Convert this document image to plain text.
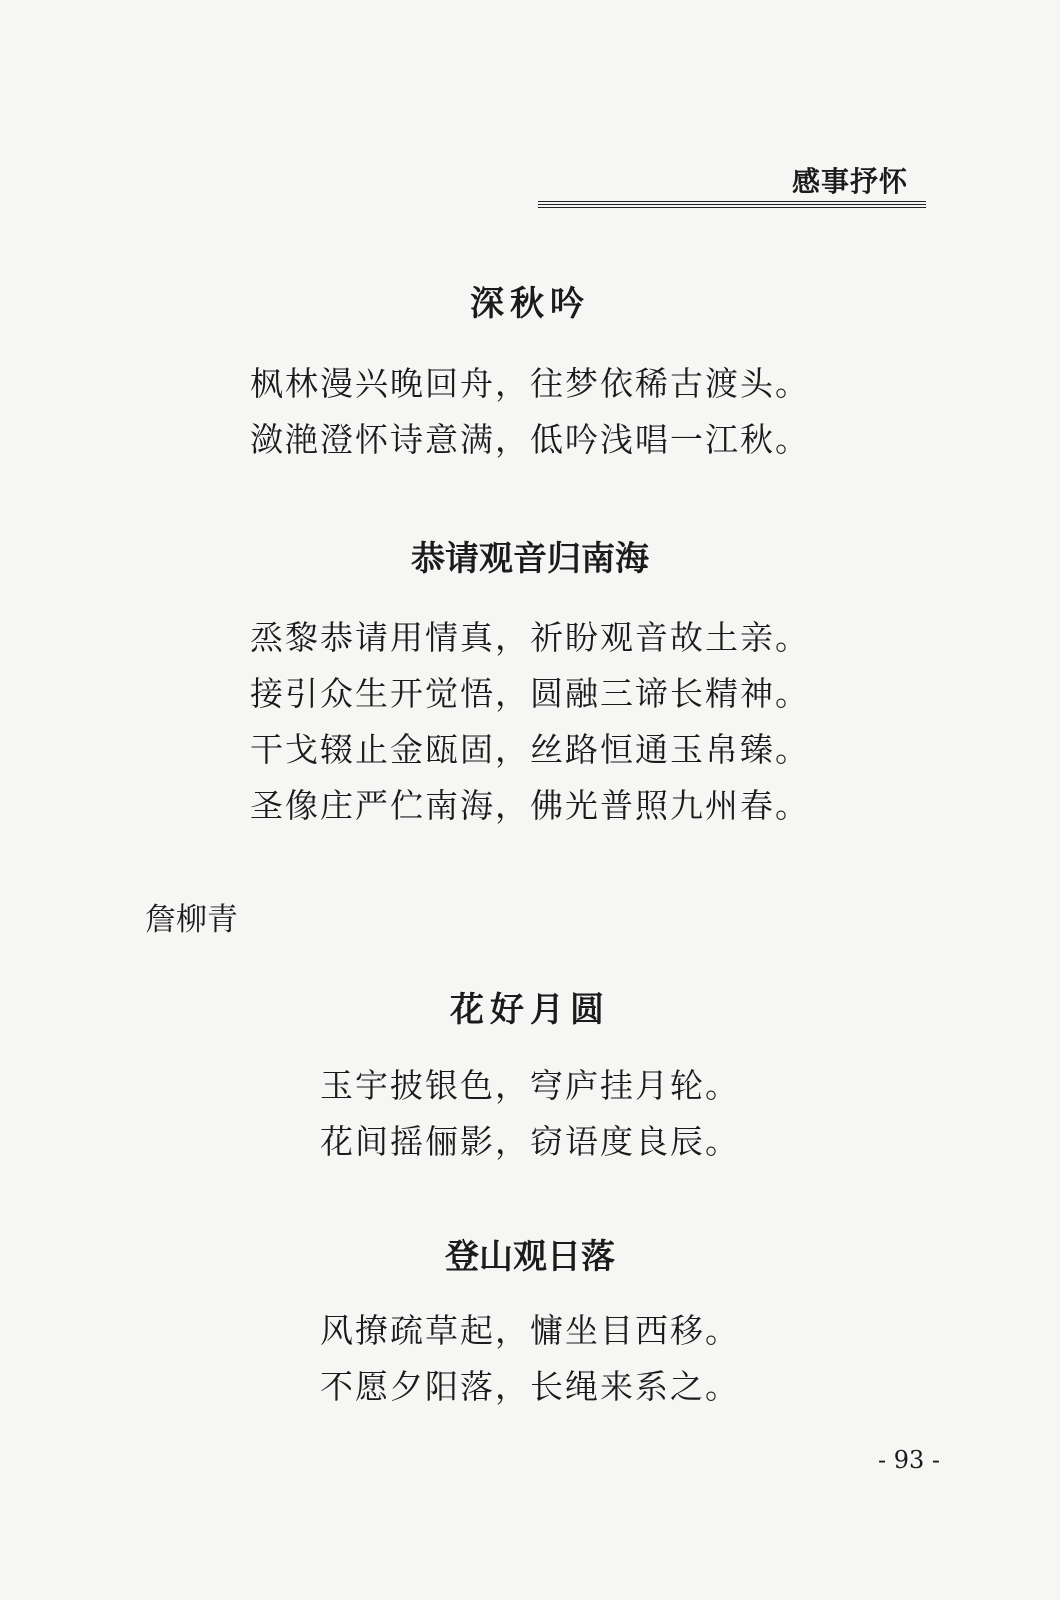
感事抒怀
深秋吟
枫林漫兴晚回舟，往梦依稀古渡头。
潋滟澄怀诗意满，低吟浅唱一江秋。
恭请观音归南海
烝黎恭请用情真，祈盼观音故土亲。
接引众生开觉悟，圆融三谛长精神。
干戈辍止金瓯固，丝路恒通玉帛臻。
圣像庄严伫南海，佛光普照九州春。
詹柳青
花好月圆
玉宇披银色，穹庐挂月轮。
花间摇俪影，窃语度良辰。
登山观日落
风撩疏草起，慵坐目西移。
不愿夕阳落，长绳来系之。
- 93 -
